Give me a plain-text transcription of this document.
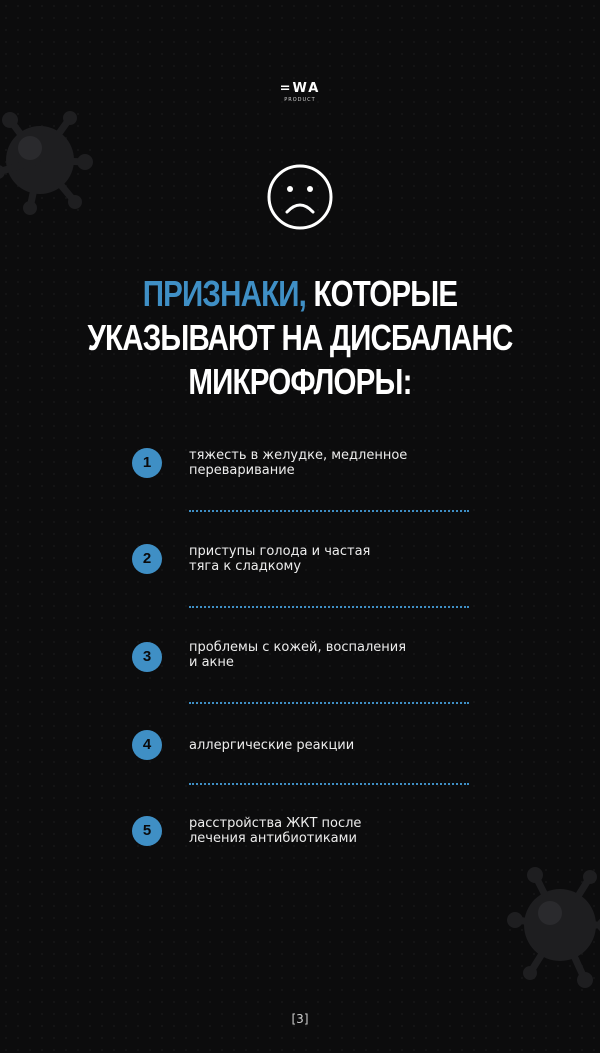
=WA
PRODUCT
ПРИЗНАКИ, КОТОРЫЕ
УКАЗЫВАЮТ НА ДИСБАЛАНС
МИКРОФЛОРЫ:
1	тяжесть в желудке, медленное
переваривание
2	приступы голода и частая
тяга к сладкому
3
проблемы с кожей, воспаления
и акне
4	аллергические реакции
5	расстройства ЖКТ после
лечения антибиотиками
[3]
